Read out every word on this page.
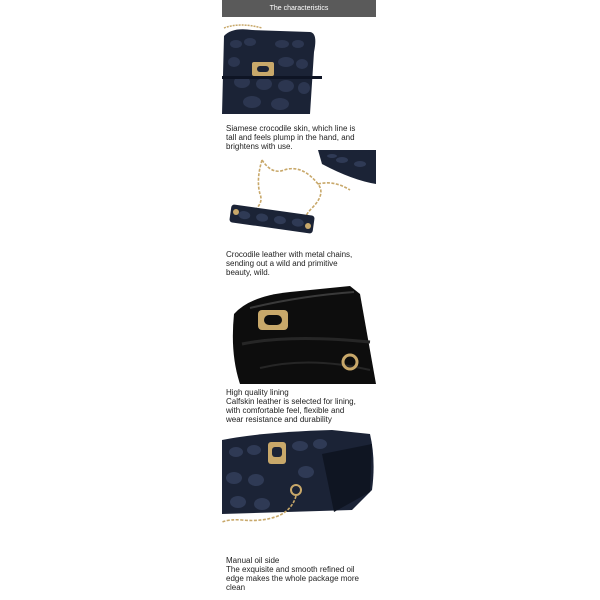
The characteristics
Siamese crocodile skin, which line is
tall and feels plump in the hand, and
brightens with use.
Crocodile leather with metal chains,
sending out a wild and primitive
beauty, wild.
High quality lining
Calfskin leather is selected for lining,
with comfortable feel, flexible and
wear resistance and durability
Manual oil side
The exquisite and smooth refined oil
edge makes the whole package more
clean
